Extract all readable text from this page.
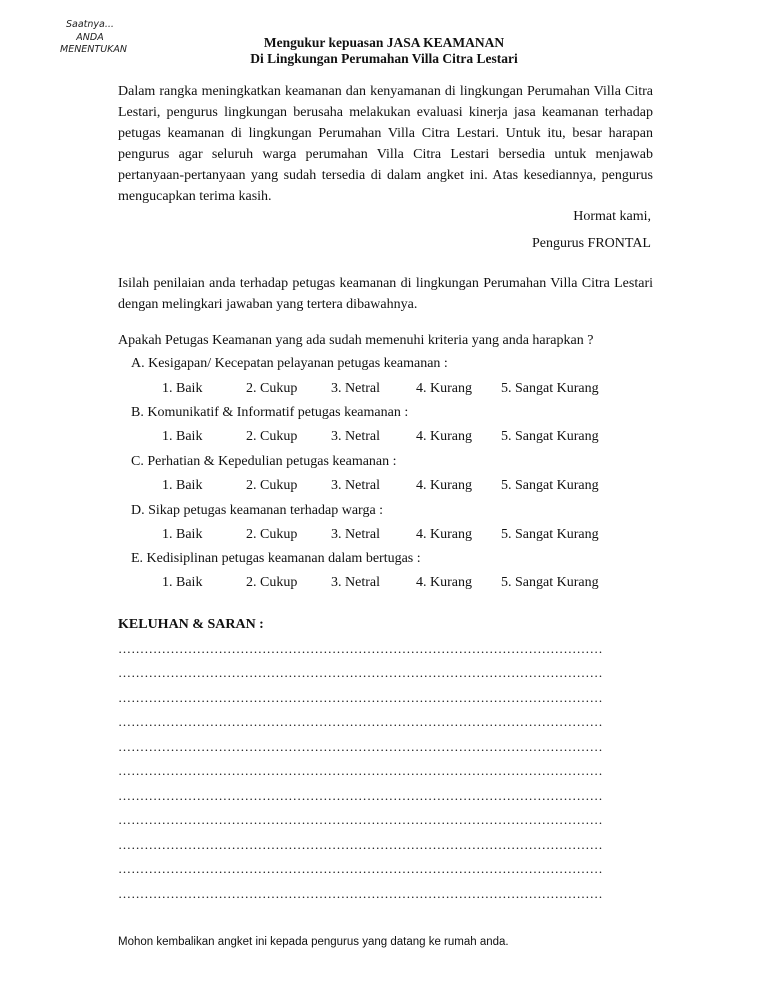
Saatnya...
ANDA
MENENTUKAN	Mengukur kepuasan JASA KEAMANAN
Di Lingkungan Perumahan Villa Citra Lestari
Dalam rangka meningkatkan keamanan dan kenyamanan di lingkungan Perumahan Villa Citra Lestari, pengurus lingkungan berusaha melakukan evaluasi kinerja jasa keamanan terhadap petugas keamanan di lingkungan Perumahan Villa Citra Lestari. Untuk itu, besar harapan pengurus agar seluruh warga perumahan Villa Citra Lestari bersedia untuk menjawab pertanyaan-pertanyaan yang sudah tersedia di dalam angket ini. Atas kesediannya, pengurus mengucapkan terima kasih.
Hormat kami,
Pengurus FRONTAL
Isilah penilaian anda terhadap petugas keamanan di lingkungan Perumahan Villa Citra Lestari dengan melingkari jawaban yang tertera dibawahnya.
Apakah Petugas Keamanan yang ada sudah memenuhi kriteria yang anda harapkan ?
A. Kesigapan/ Kecepatan pelayanan petugas keamanan :
1. Baik	2. Cukup 3. Netral	4. Kurang 5. Sangat Kurang
B. Komunikatif & Informatif petugas keamanan :
1. Baik	2. Cukup 3. Netral	4. Kurang 5. Sangat Kurang
C. Perhatian & Kepedulian petugas keamanan :
1. Baik	2. Cukup 3. Netral	4. Kurang 5. Sangat Kurang
D. Sikap petugas keamanan terhadap warga :
1. Baik	2. Cukup 3. Netral	4. Kurang 5. Sangat Kurang
E. Kedisiplinan petugas keamanan dalam bertugas :
1. Baik	2. Cukup 3. Netral	4. Kurang 5. Sangat Kurang
KELUHAN & SARAN :
…………………………………………………………………………………………………
…………………………………………………………………………………………………
…………………………………………………………………………………………………
…………………………………………………………………………………………………
…………………………………………………………………………………………………
…………………………………………………………………………………………………
…………………………………………………………………………………………………
…………………………………………………………………………………………………
…………………………………………………………………………………………………
…………………………………………………………………………………………………
…………………………………………………………………………………………………
Mohon kembalikan angket ini kepada pengurus yang datang ke rumah anda.
